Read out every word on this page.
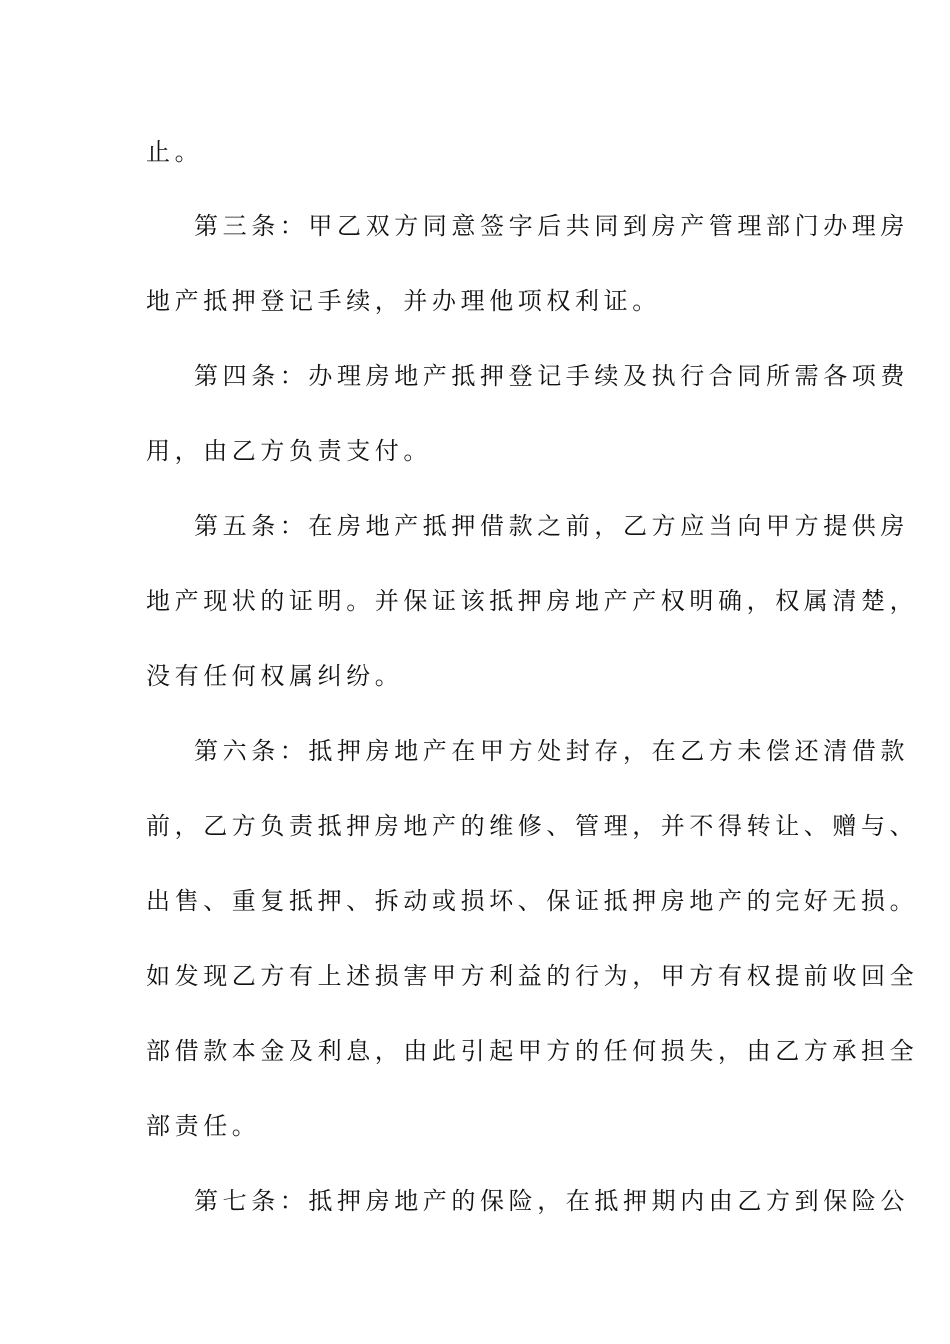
止。
第三条：甲乙双方同意签字后共同到房产管理部门办理房
地产抵押登记手续，并办理他项权利证。
第四条：办理房地产抵押登记手续及执行合同所需各项费
用，由乙方负责支付。
第五条：在房地产抵押借款之前，乙方应当向甲方提供房
地产现状的证明。并保证该抵押房地产产权明确，权属清楚，
没有任何权属纠纷。
第六条：抵押房地产在甲方处封存，在乙方未偿还清借款
前，乙方负责抵押房地产的维修、管理，并不得转让、赠与、
出售、重复抵押、拆动或损坏、保证抵押房地产的完好无损。
如发现乙方有上述损害甲方利益的行为，甲方有权提前收回全
部借款本金及利息，由此引起甲方的任何损失，由乙方承担全
部责任。
第七条：抵押房地产的保险，在抵押期内由乙方到保险公
